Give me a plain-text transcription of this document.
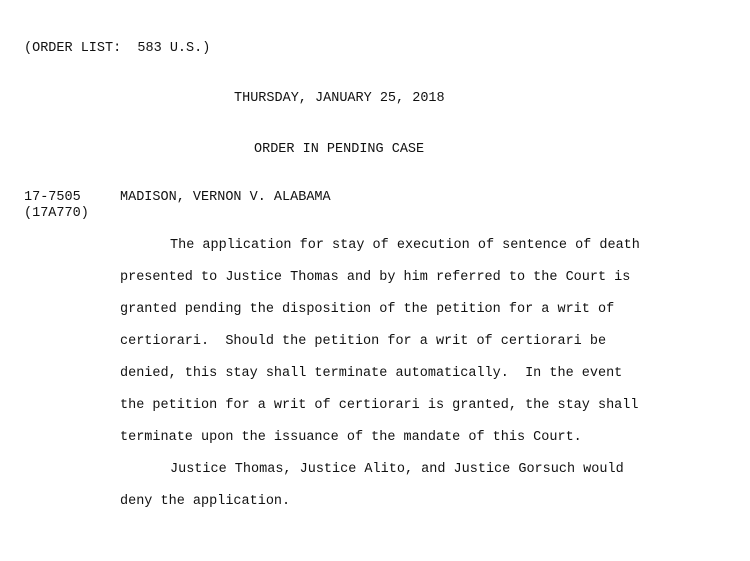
(ORDER LIST:  583 U.S.)
THURSDAY, JANUARY 25, 2018
ORDER IN PENDING CASE
17-7505
(17A770)
MADISON, VERNON V. ALABAMA
The application for stay of execution of sentence of death
presented to Justice Thomas and by him referred to the Court is
granted pending the disposition of the petition for a writ of
certiorari.  Should the petition for a writ of certiorari be
denied, this stay shall terminate automatically.  In the event
the petition for a writ of certiorari is granted, the stay shall
terminate upon the issuance of the mandate of this Court.
Justice Thomas, Justice Alito, and Justice Gorsuch would
deny the application.
